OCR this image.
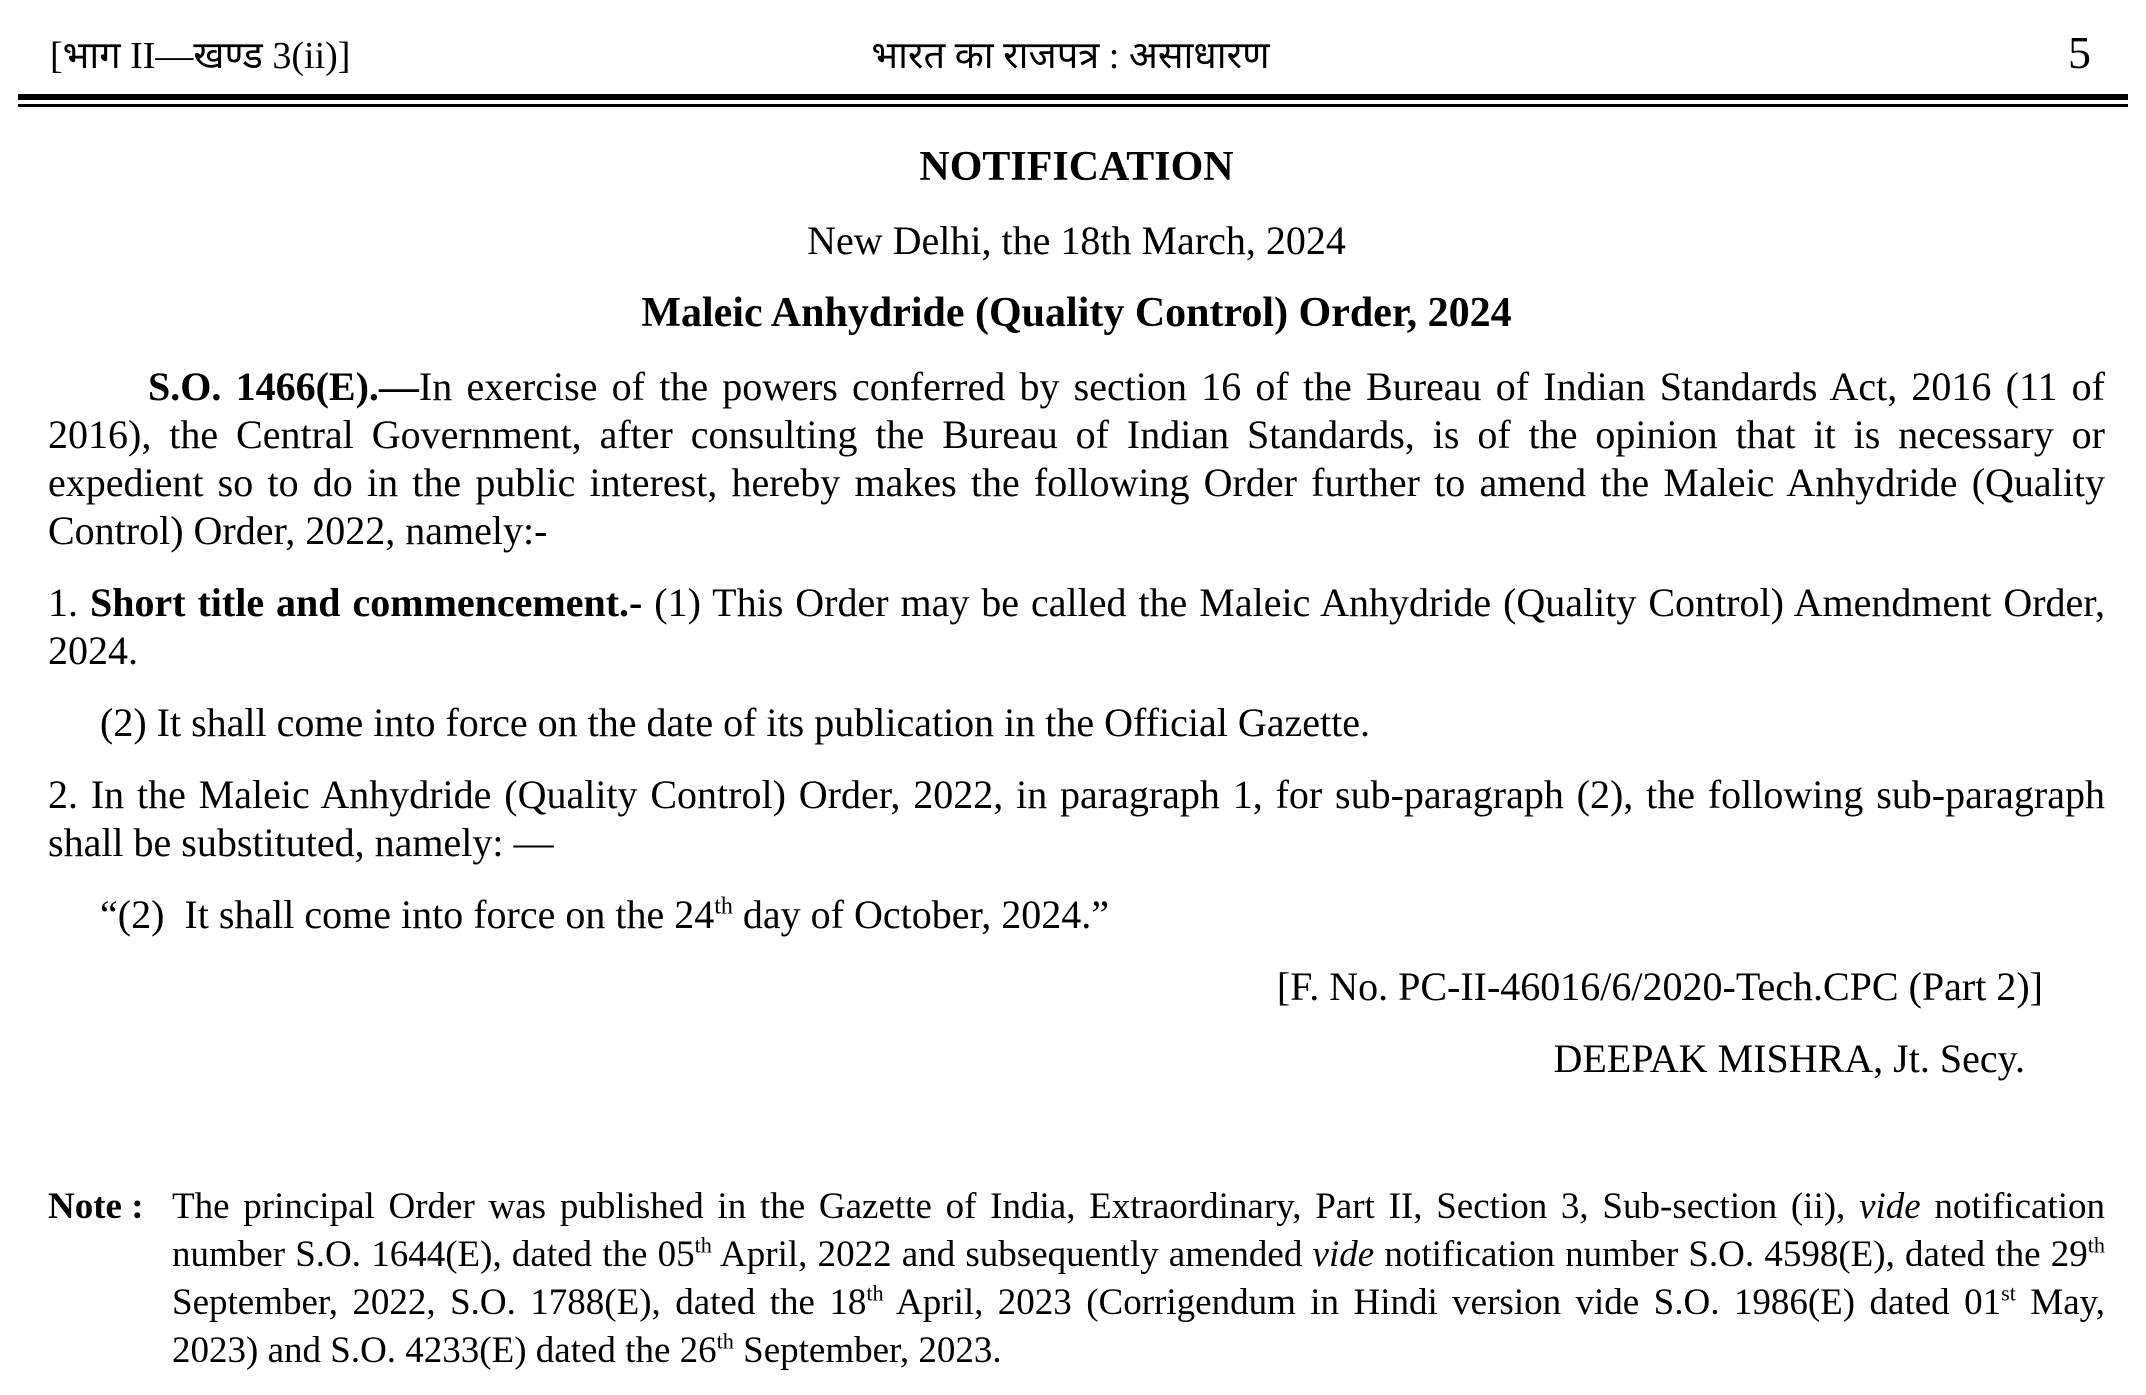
[भाग II—खण्ड 3(ii)]	भारत का राजपत्र : असाधारण	5
NOTIFICATION

New Delhi, the 18th March, 2024

Maleic Anhydride (Quality Control) Order, 2024

S.O. 1466(E).—In exercise of the powers conferred by section 16 of the Bureau of Indian Standards Act, 2016 (11 of 2016), the Central Government, after consulting the Bureau of Indian Standards, is of the opinion that it is necessary or expedient so to do in the public interest, hereby makes the following Order further to amend the Maleic Anhydride (Quality Control) Order, 2022, namely:-

1. Short title and commencement.- (1) This Order may be called the Maleic Anhydride (Quality Control) Amendment Order, 2024.

(2) It shall come into force on the date of its publication in the Official Gazette.

2. In the Maleic Anhydride (Quality Control) Order, 2022, in paragraph 1, for sub-paragraph (2), the following sub-paragraph shall be substituted, namely: —

“(2)  It shall come into force on the 24th day of October, 2024.”

[F. No. PC-II-46016/6/2020-Tech.CPC (Part 2)]

DEEPAK MISHRA, Jt. Secy.

Note : The principal Order was published in the Gazette of India, Extraordinary, Part II, Section 3, Sub-section (ii), vide notification number S.O. 1644(E), dated the 05th April, 2022 and subsequently amended vide notification number S.O. 4598(E), dated the 29th September, 2022, S.O. 1788(E), dated the 18th April, 2023 (Corrigendum in Hindi version vide S.O. 1986(E) dated 01st May, 2023) and S.O. 4233(E) dated the 26th September, 2023.
